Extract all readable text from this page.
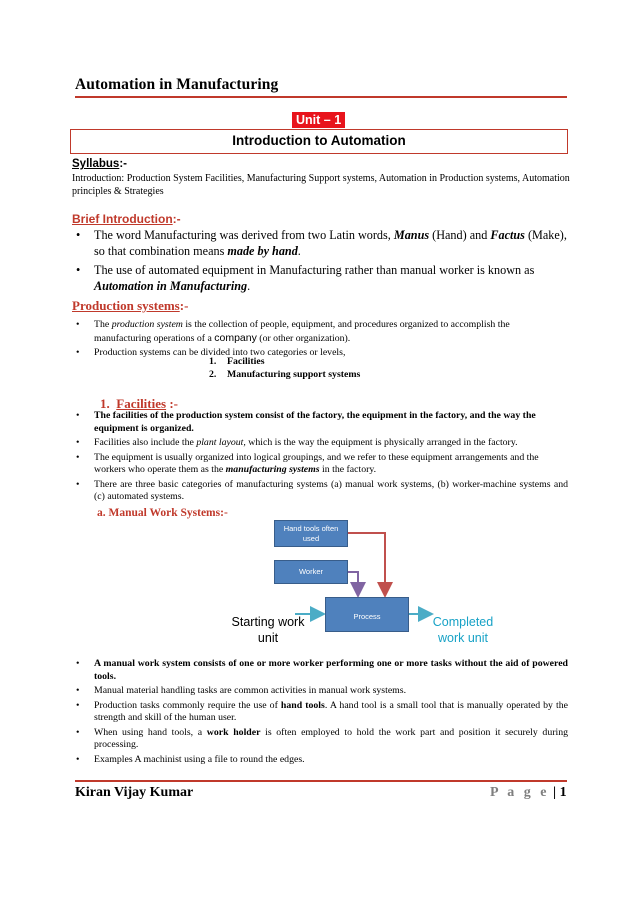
Automation in Manufacturing
Unit – 1
Introduction to Automation
Syllabus:-
Introduction: Production System Facilities, Manufacturing Support systems, Automation in Production systems, Automation principles & Strategies
Brief Introduction:-
• The word Manufacturing was derived from two Latin words, Manus (Hand) and Factus (Make), so that combination means made by hand.
• The use of automated equipment in Manufacturing rather than manual worker is known as Automation in Manufacturing.
Production systems:-
• The production system is the collection of people, equipment, and procedures organized to accomplish the manufacturing operations of a company (or other organization).
• Production systems can be divided into two categories or levels,
1. Facilities
2. Manufacturing support systems
1. Facilities :-
• The facilities of the production system consist of the factory, the equipment in the factory, and the way the equipment is organized.
• Facilities also include the plant layout, which is the way the equipment is physically arranged in the factory.
• The equipment is usually organized into logical groupings, and we refer to these equipment arrangements and the workers who operate them as the manufacturing systems in the factory.
• There are three basic categories of manufacturing systems (a) manual work systems, (b) worker-machine systems and (c) automated systems.
a. Manual Work Systems:-
Hand tools often used
Worker
Process
Starting work unit
Completed work unit
• A manual work system consists of one or more worker performing one or more tasks without the aid of powered tools.
• Manual material handling tasks are common activities in manual work systems.
• Production tasks commonly require the use of hand tools. A hand tool is a small tool that is manually operated by the strength and skill of the human user.
• When using hand tools, a work holder is often employed to hold the work part and position it securely during processing.
• Examples A machinist using a file to round the edges.
Kiran Vijay Kumar	P a g e | 1
